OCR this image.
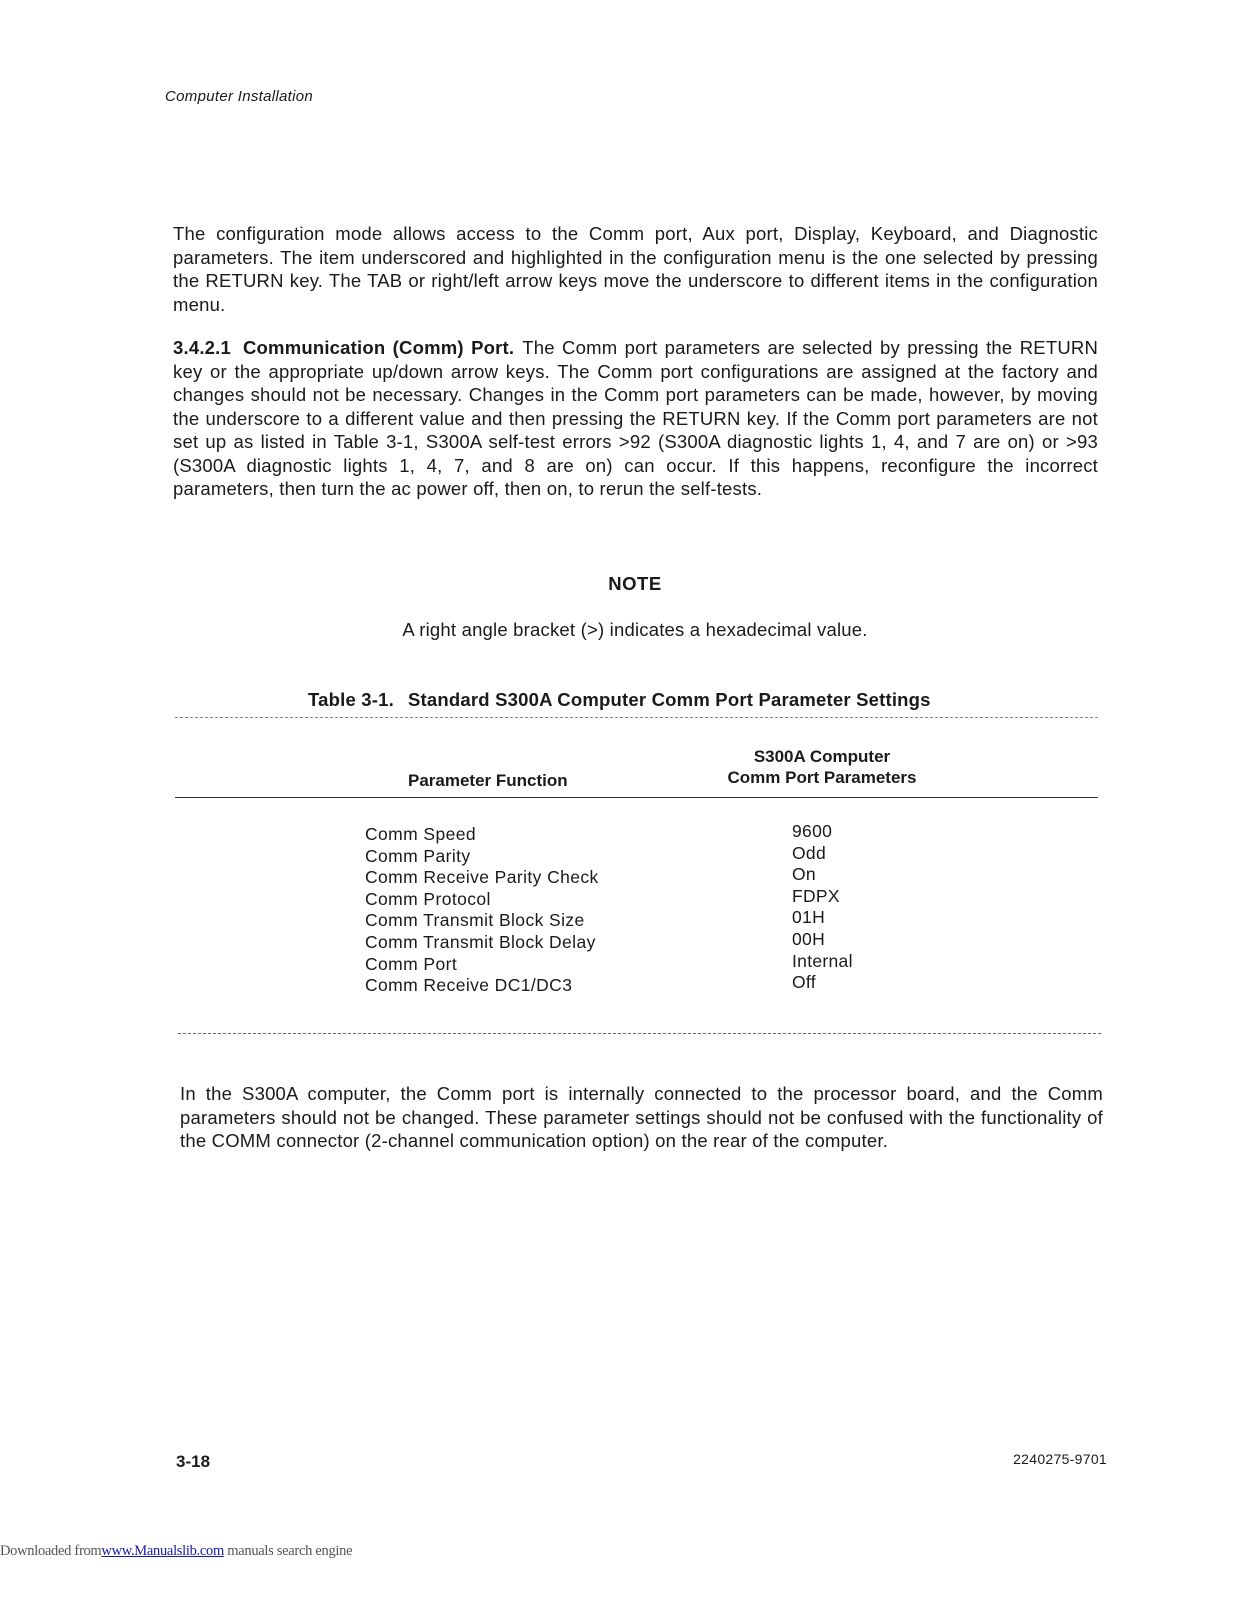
Computer Installation

The configuration mode allows access to the Comm port, Aux port, Display, Keyboard, and Diagnostic parameters. The item underscored and highlighted in the configuration menu is the one selected by pressing the RETURN key. The TAB or right/left arrow keys move the underscore to different items in the configuration menu.

3.4.2.1 Communication (Comm) Port. The Comm port parameters are selected by pressing the RETURN key or the appropriate up/down arrow keys. The Comm port configurations are assigned at the factory and changes should not be necessary. Changes in the Comm port parameters can be made, however, by moving the underscore to a different value and then pressing the RETURN key. If the Comm port parameters are not set up as listed in Table 3-1, S300A self-test errors >92 (S300A diagnostic lights 1, 4, and 7 are on) or >93 (S300A diagnostic lights 1, 4, 7, and 8 are on) can occur. If this happens, reconfigure the incorrect parameters, then turn the ac power off, then on, to rerun the self-tests.

NOTE
A right angle bracket (>) indicates a hexadecimal value.
Table 3-1. Standard S300A Computer Comm Port Parameter Settings
Parameter Function
S300A Computer
Comm Port Parameters
Comm Speed	9600
Comm Parity	Odd
Comm Receive Parity Check	On
Comm Protocol	FDPX
Comm Transmit Block Size	01H
Comm Transmit Block Delay	00H
Comm Port	Internal
Comm Receive DC1/DC3	Off

In the S300A computer, the Comm port is internally connected to the processor board, and the Comm parameters should not be changed. These parameter settings should not be confused with the functionality of the COMM connector (2-channel communication option) on the rear of the computer.

3-18	2240275-9701
Downloaded fromwww.Manualslib.com manuals search engine
